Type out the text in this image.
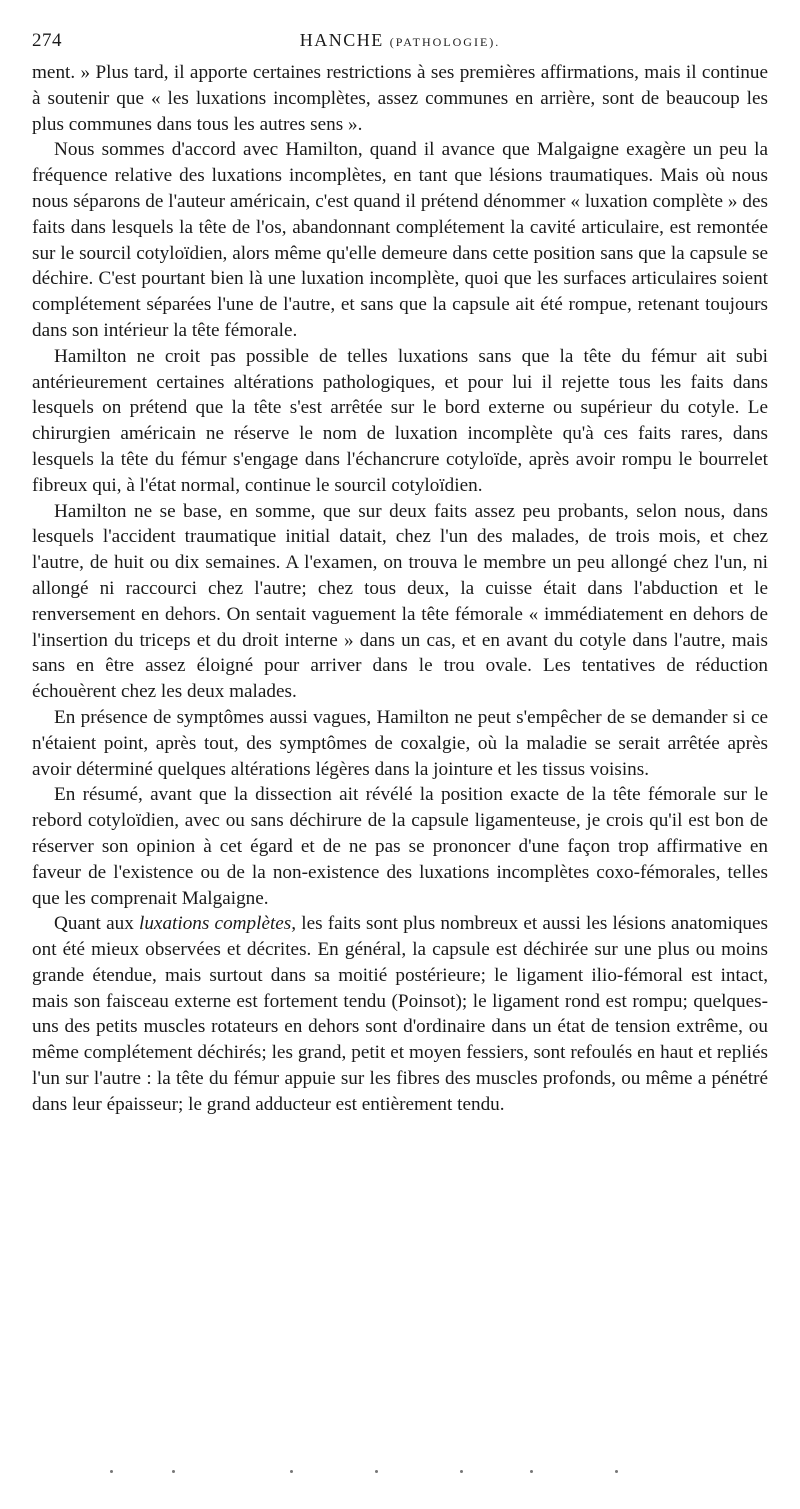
274	HANCHE (PATHOLOGIE).

ment. » Plus tard, il apporte certaines restrictions à ses premières affirmations, mais il continue à soutenir que « les luxations incomplètes, assez communes en arrière, sont de beaucoup les plus communes dans tous les autres sens ».

Nous sommes d'accord avec Hamilton, quand il avance que Malgaigne exagère un peu la fréquence relative des luxations incomplètes, en tant que lésions traumatiques. Mais où nous nous séparons de l'auteur américain, c'est quand il prétend dénommer « luxation complète » des faits dans lesquels la tête de l'os, abandonnant complétement la cavité articulaire, est remontée sur le sourcil cotyloïdien, alors même qu'elle demeure dans cette position sans que la capsule se déchire. C'est pourtant bien là une luxation incomplète, quoi que les surfaces articulaires soient complétement séparées l'une de l'autre, et sans que la capsule ait été rompue, retenant toujours dans son intérieur la tête fémorale.

Hamilton ne croit pas possible de telles luxations sans que la tête du fémur ait subi antérieurement certaines altérations pathologiques, et pour lui il rejette tous les faits dans lesquels on prétend que la tête s'est arrêtée sur le bord externe ou supérieur du cotyle. Le chirurgien américain ne réserve le nom de luxation incomplète qu'à ces faits rares, dans lesquels la tête du fémur s'engage dans l'échancrure cotyloïde, après avoir rompu le bourrelet fibreux qui, à l'état normal, continue le sourcil cotyloïdien.

Hamilton ne se base, en somme, que sur deux faits assez peu probants, selon nous, dans lesquels l'accident traumatique initial datait, chez l'un des malades, de trois mois, et chez l'autre, de huit ou dix semaines. A l'examen, on trouva le membre un peu allongé chez l'un, ni allongé ni raccourci chez l'autre; chez tous deux, la cuisse était dans l'abduction et le renversement en dehors. On sentait vaguement la tête fémorale « immédiatement en dehors de l'insertion du triceps et du droit interne » dans un cas, et en avant du cotyle dans l'autre, mais sans en être assez éloigné pour arriver dans le trou ovale. Les tentatives de réduction échouèrent chez les deux malades.

En présence de symptômes aussi vagues, Hamilton ne peut s'empêcher de se demander si ce n'étaient point, après tout, des symptômes de coxalgie, où la maladie se serait arrêtée après avoir déterminé quelques altérations légères dans la jointure et les tissus voisins.

En résumé, avant que la dissection ait révélé la position exacte de la tête fémorale sur le rebord cotyloïdien, avec ou sans déchirure de la capsule ligamenteuse, je crois qu'il est bon de réserver son opinion à cet égard et de ne pas se prononcer d'une façon trop affirmative en faveur de l'existence ou de la non-existence des luxations incomplètes coxo-fémorales, telles que les comprenait Malgaigne.

Quant aux luxations complètes, les faits sont plus nombreux et aussi les lésions anatomiques ont été mieux observées et décrites. En général, la capsule est déchirée sur une plus ou moins grande étendue, mais surtout dans sa moitié postérieure; le ligament ilio-fémoral est intact, mais son faisceau externe est fortement tendu (Poinsot); le ligament rond est rompu; quelques-uns des petits muscles rotateurs en dehors sont d'ordinaire dans un état de tension extrême, ou même complétement déchirés; les grand, petit et moyen fessiers, sont refoulés en haut et repliés l'un sur l'autre : la tête du fémur appuie sur les fibres des muscles profonds, ou même a pénétré dans leur épaisseur; le grand adducteur est entièrement tendu.
